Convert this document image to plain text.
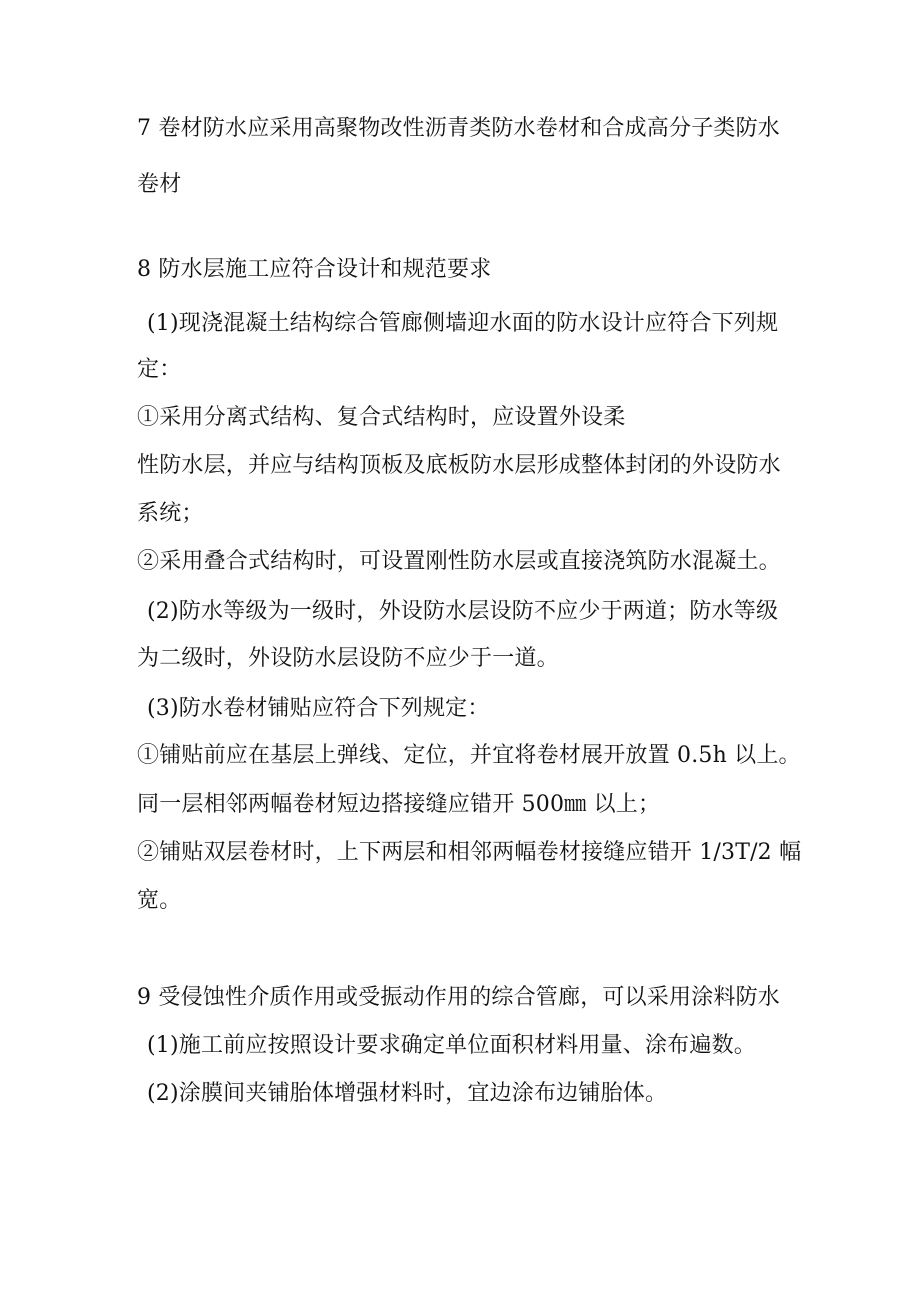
7 卷材防水应采用高聚物改性沥青类防水卷材和合成高分子类防水
卷材
8 防水层施工应符合设计和规范要求
(1)现浇混凝土结构综合管廊侧墙迎水面的防水设计应符合下列规
定：
①采用分离式结构、复合式结构时，应设置外设柔
性防水层，并应与结构顶板及底板防水层形成整体封闭的外设防水
系统；
②采用叠合式结构时，可设置刚性防水层或直接浇筑防水混凝土。
(2)防水等级为一级时，外设防水层设防不应少于两道；防水等级
为二级时，外设防水层设防不应少于一道。
(3)防水卷材铺贴应符合下列规定：
①铺贴前应在基层上弹线、定位，并宜将卷材展开放置 0.5h 以上。
同一层相邻两幅卷材短边搭接缝应错开 500㎜ 以上；
②铺贴双层卷材时，上下两层和相邻两幅卷材接缝应错开 1/3T/2 幅
宽。
9 受侵蚀性介质作用或受振动作用的综合管廊，可以采用涂料防水
(1)施工前应按照设计要求确定单位面积材料用量、涂布遍数。
(2)涂膜间夹铺胎体增强材料时，宜边涂布边铺胎体。
